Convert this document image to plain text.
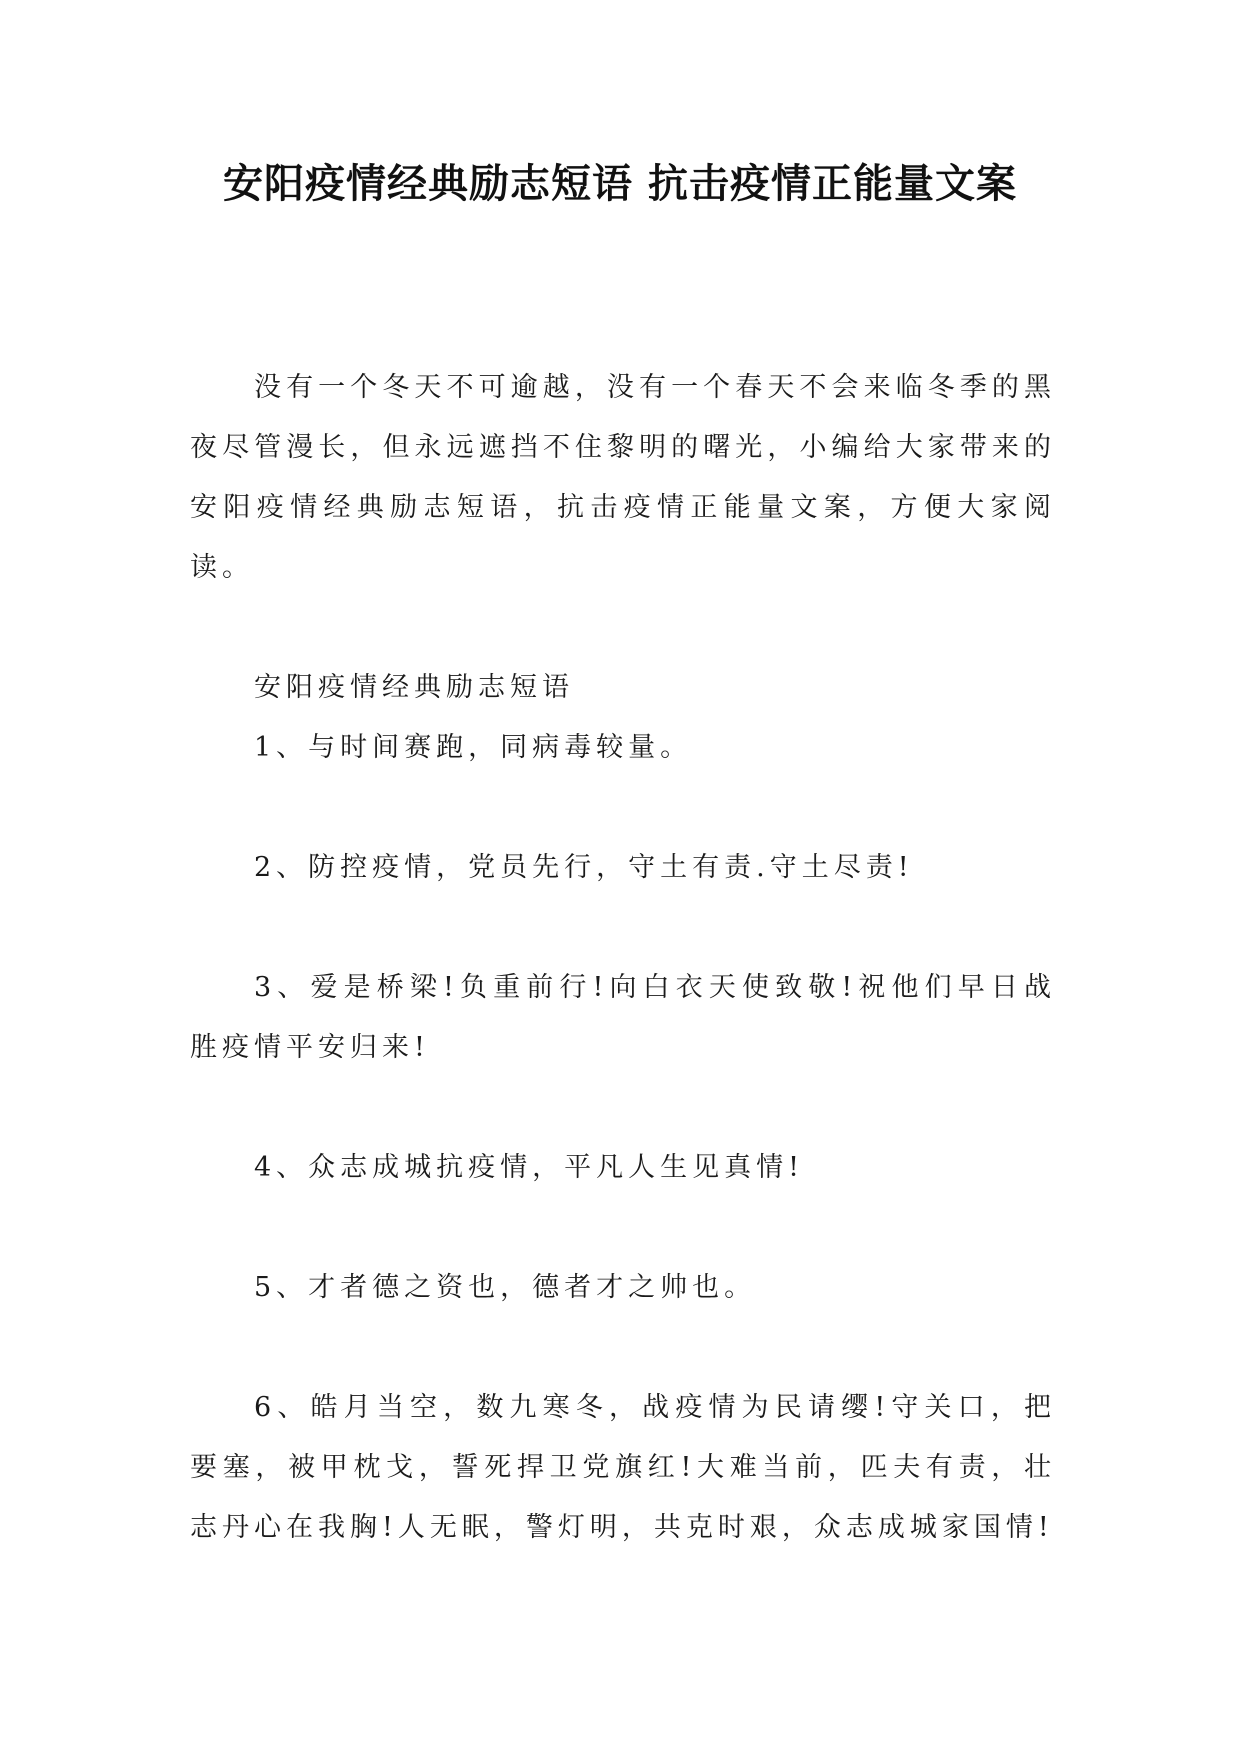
安阳疫情经典励志短语 抗击疫情正能量文案

没有一个冬天不可逾越，没有一个春天不会来临冬季的黑夜尽管漫长，但永远遮挡不住黎明的曙光，小编给大家带来的安阳疫情经典励志短语，抗击疫情正能量文案，方便大家阅读。

安阳疫情经典励志短语

1、与时间赛跑，同病毒较量。

2、防控疫情，党员先行，守土有责.守土尽责!

3、爱是桥梁!负重前行!向白衣天使致敬!祝他们早日战胜疫情平安归来!

4、众志成城抗疫情，平凡人生见真情!

5、才者德之资也，德者才之帅也。

6、皓月当空，数九寒冬，战疫情为民请缨!守关口，把要塞，被甲枕戈，誓死捍卫党旗红!大难当前，匹夫有责，壮志丹心在我胸!人无眠，警灯明，共克时艰，众志成城家国情!
